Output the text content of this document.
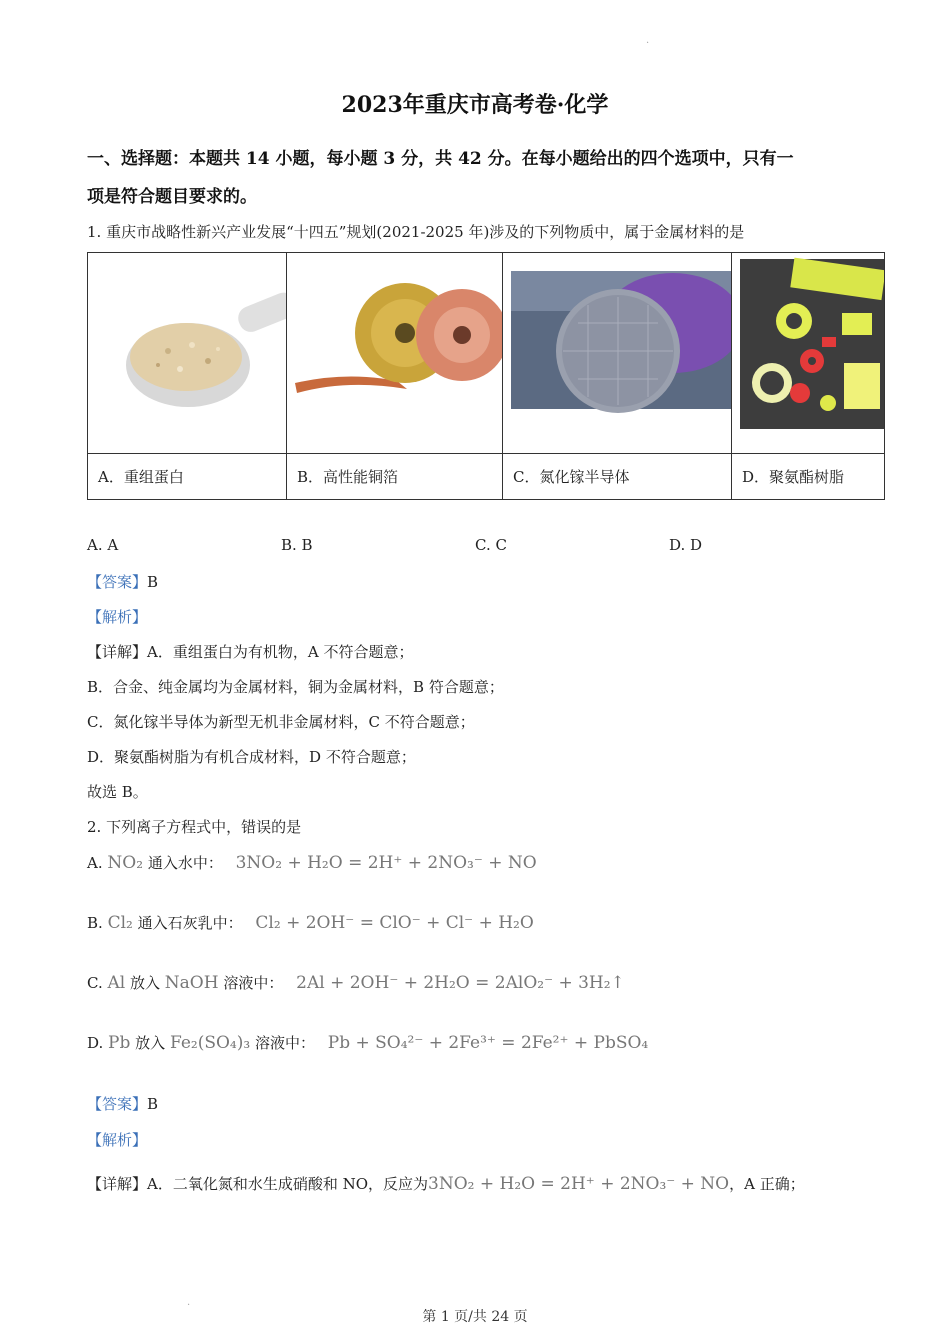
·
2023年重庆市高考卷·化学
一、选择题：本题共 14 小题，每小题 3 分，共 42 分。在每小题给出的四个选项中，只有一
项是符合题目要求的。
1. 重庆市战略性新兴产业发展“十四五”规划(2021-2025 年)涉及的下列物质中，属于金属材料的是

A．重组蛋白	B．高性能铜箔	C．氮化镓半导体	D．聚氨酯树脂
A. A	B. B	C. C	D. D
【答案】B
【解析】
【详解】A．重组蛋白为有机物，A 不符合题意；
B．合金、纯金属均为金属材料，铜为金属材料，B 符合题意；
C．氮化镓半导体为新型无机非金属材料，C 不符合题意；
D．聚氨酯树脂为有机合成材料，D 不符合题意；
故选 B。
2. 下列离子方程式中，错误的是
A. NO₂ 通入水中： 3NO₂ + H₂O = 2H⁺ + 2NO₃⁻ + NO
B. Cl₂ 通入石灰乳中： Cl₂ + 2OH⁻ = ClO⁻ + Cl⁻ + H₂O
C. Al 放入 NaOH 溶液中： 2Al + 2OH⁻ + 2H₂O = 2AlO₂⁻ + 3H₂↑
D. Pb 放入 Fe₂(SO₄)₃ 溶液中： Pb + SO₄²⁻ + 2Fe³⁺ = 2Fe²⁺ + PbSO₄
【答案】B
【解析】
【详解】A．二氧化氮和水生成硝酸和 NO，反应为3NO₂ + H₂O = 2H⁺ + 2NO₃⁻ + NO，A 正确；
·
第 1 页/共 24 页
